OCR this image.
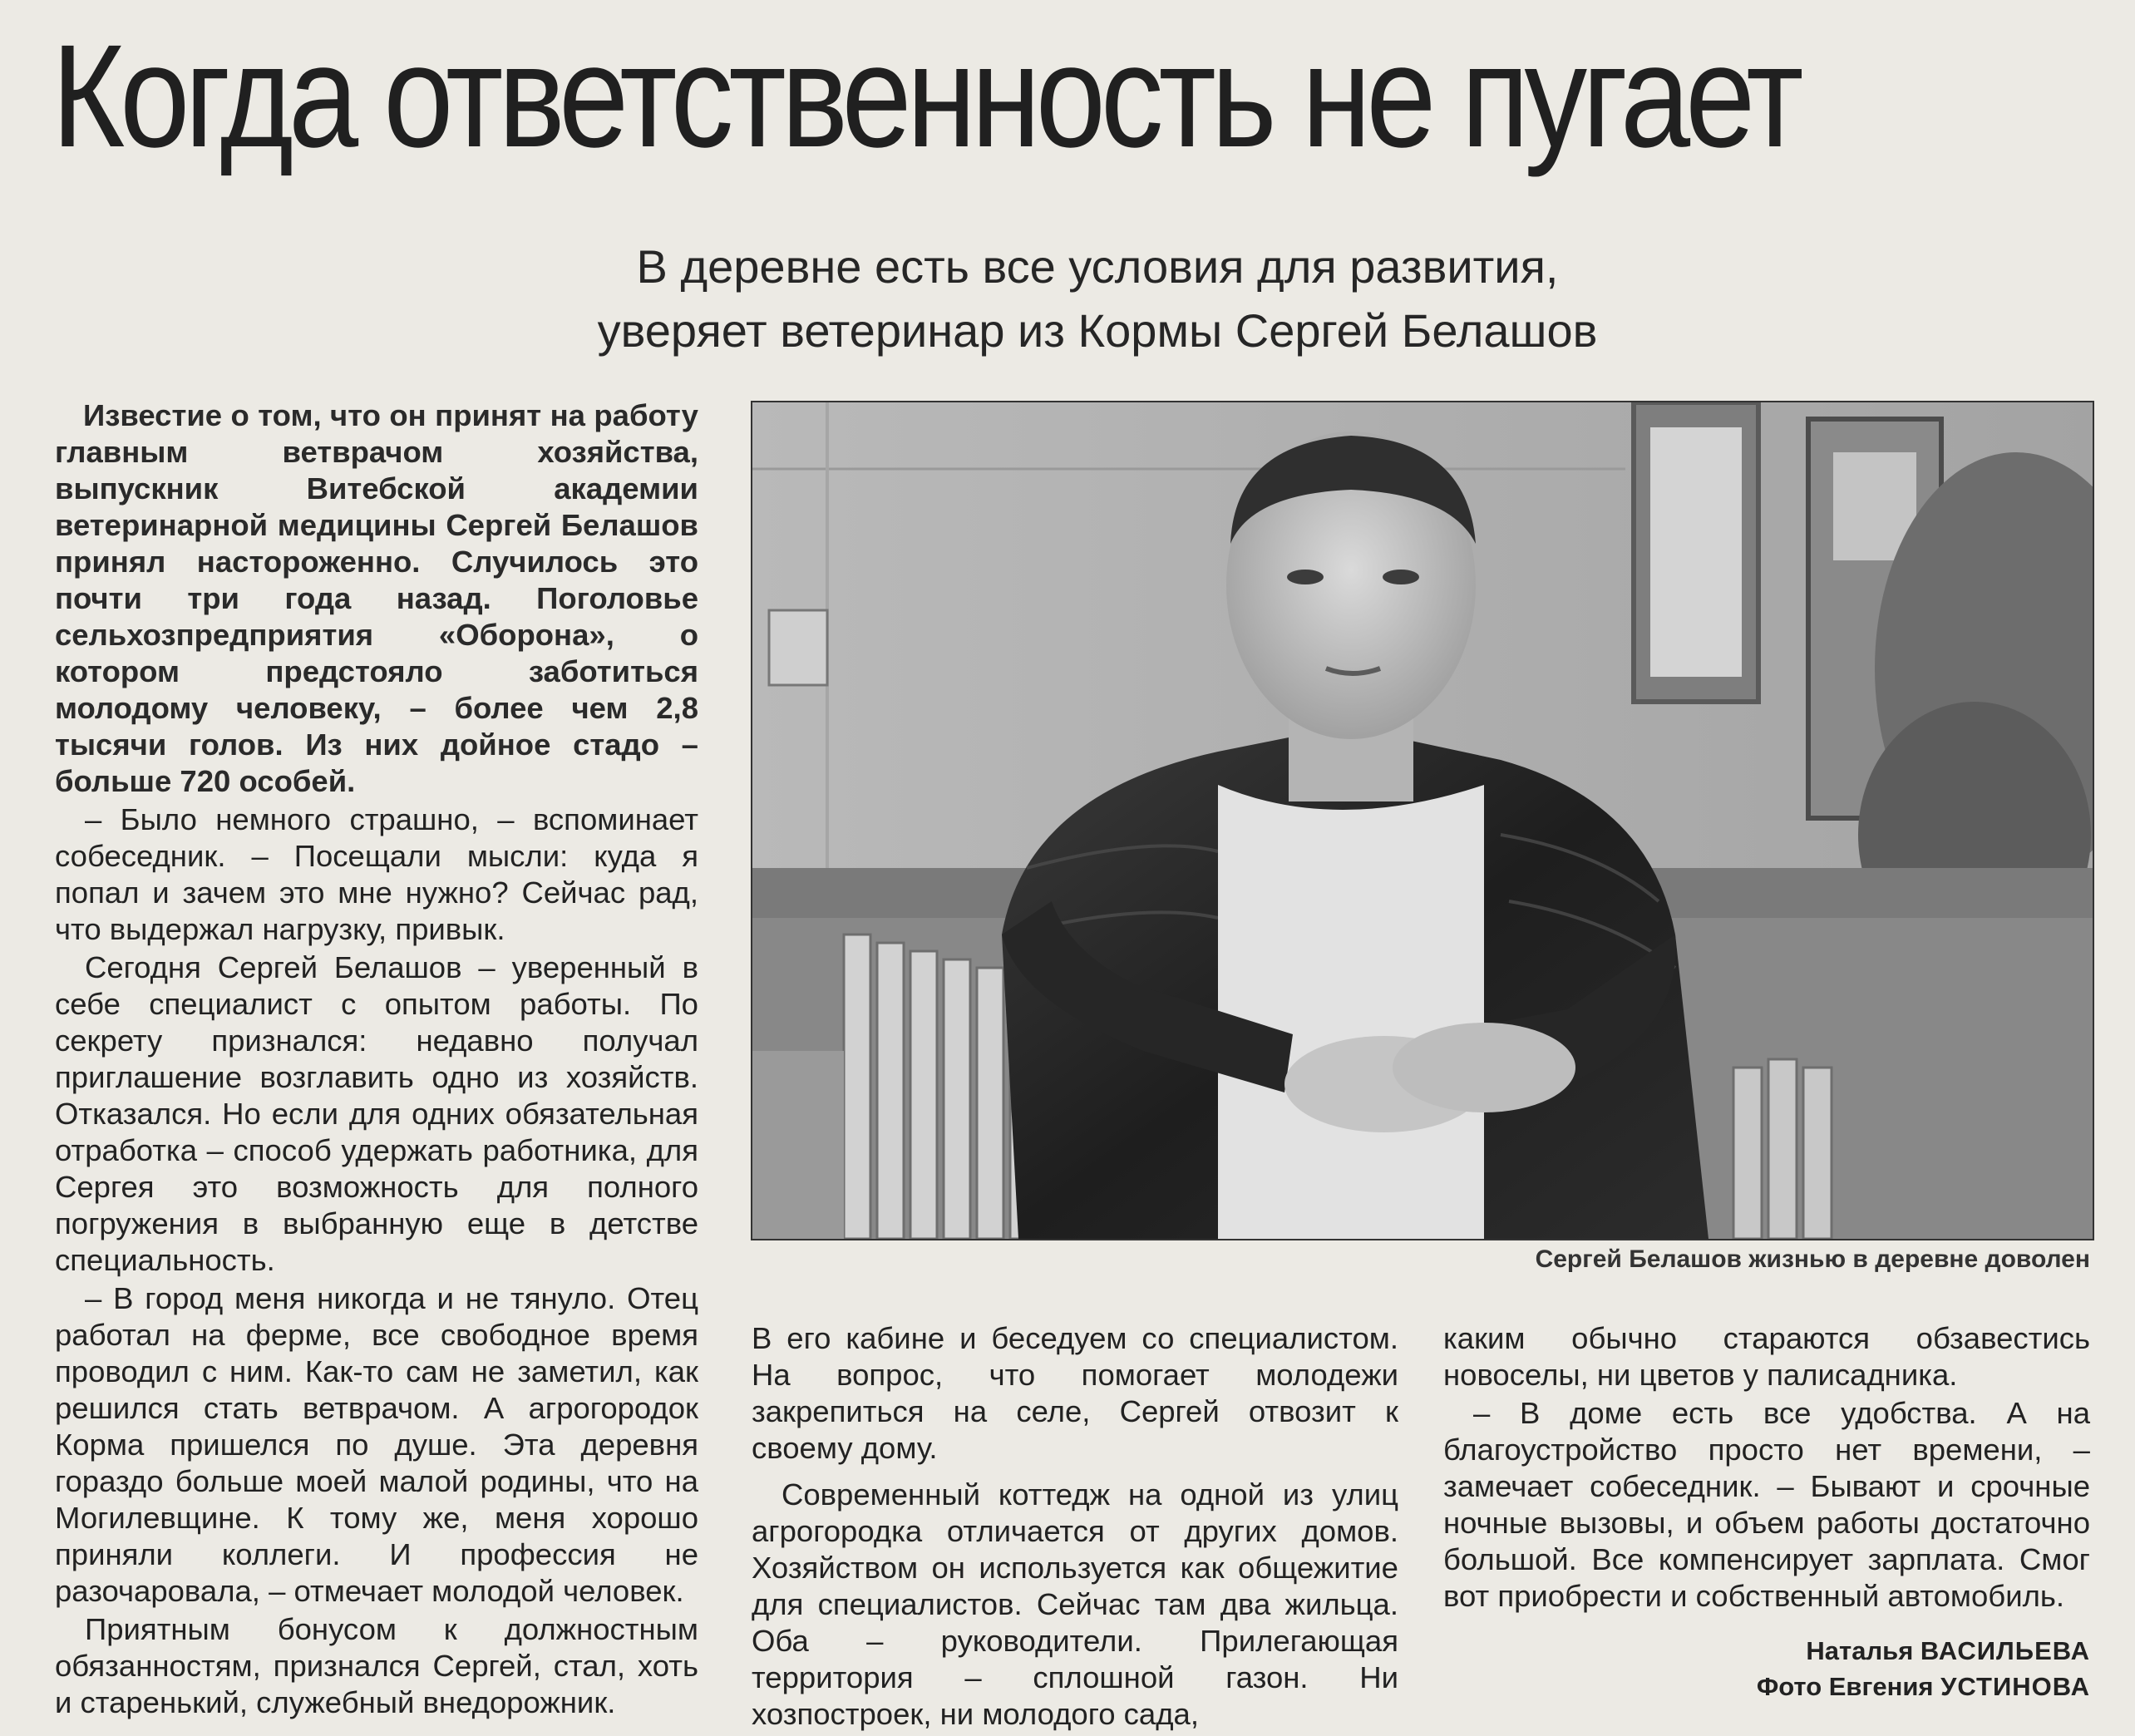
Когда ответственность не пугает
В деревне есть все условия для развития,
уверяет ветеринар из Кормы Сергей Белашов

Известие о том, что он принят на работу главным ветврачом хозяйства, выпускник Витебской академии ветеринарной медицины Сергей Белашов принял настороженно. Случилось это почти три года назад. Поголовье сельхозпредприятия «Оборона», о котором предстояло заботиться молодому человеку, – более чем 2,8 тысячи голов. Из них дойное стадо – больше 720 особей.

– Было немного страшно, – вспоминает собеседник. – Посещали мысли: куда я попал и зачем это мне нужно? Сейчас рад, что выдержал нагрузку, привык.

Сегодня Сергей Белашов – уверенный в себе специалист с опытом работы. По секрету признался: недавно получал приглашение возглавить одно из хозяйств. Отказался. Но если для одних обязательная отработка – способ удержать работника, для Сергея это возможность для полного погружения в выбранную еще в детстве специальность.

– В город меня никогда и не тянуло. Отец работал на ферме, все свободное время проводил с ним. Как-то сам не заметил, как решился стать ветврачом. А агрогородок Корма пришелся по душе. Эта деревня гораздо больше моей малой родины, что на Могилевщине. К тому же, меня хорошо приняли коллеги. И профессия не разочаровала, – отмечает молодой человек.

Приятным бонусом к должностным обязанностям, признался Сергей, стал, хоть и старенький, служебный внедорожник.

Сергей Белашов жизнью в деревне доволен

В его кабине и беседуем со специалистом. На вопрос, что помогает молодежи закрепиться на селе, Сергей отвозит к своему дому.

Современный коттедж на одной из улиц агрогородка отличается от других домов. Хозяйством он используется как общежитие для специалистов. Сейчас там два жильца. Оба – руководители. Прилегающая территория – сплошной газон. Ни хозпостроек, ни молодого сада,

каким обычно стараются обзавестись новоселы, ни цветов у палисадника.

– В доме есть все удобства. А на благоустройство просто нет времени, – замечает собеседник. – Бывают и срочные ночные вызовы, и объем работы достаточно большой. Все компенсирует зарплата. Смог вот приобрести и собственный автомобиль.

Наталья ВАСИЛЬЕВА
Фото Евгения УСТИНОВА
